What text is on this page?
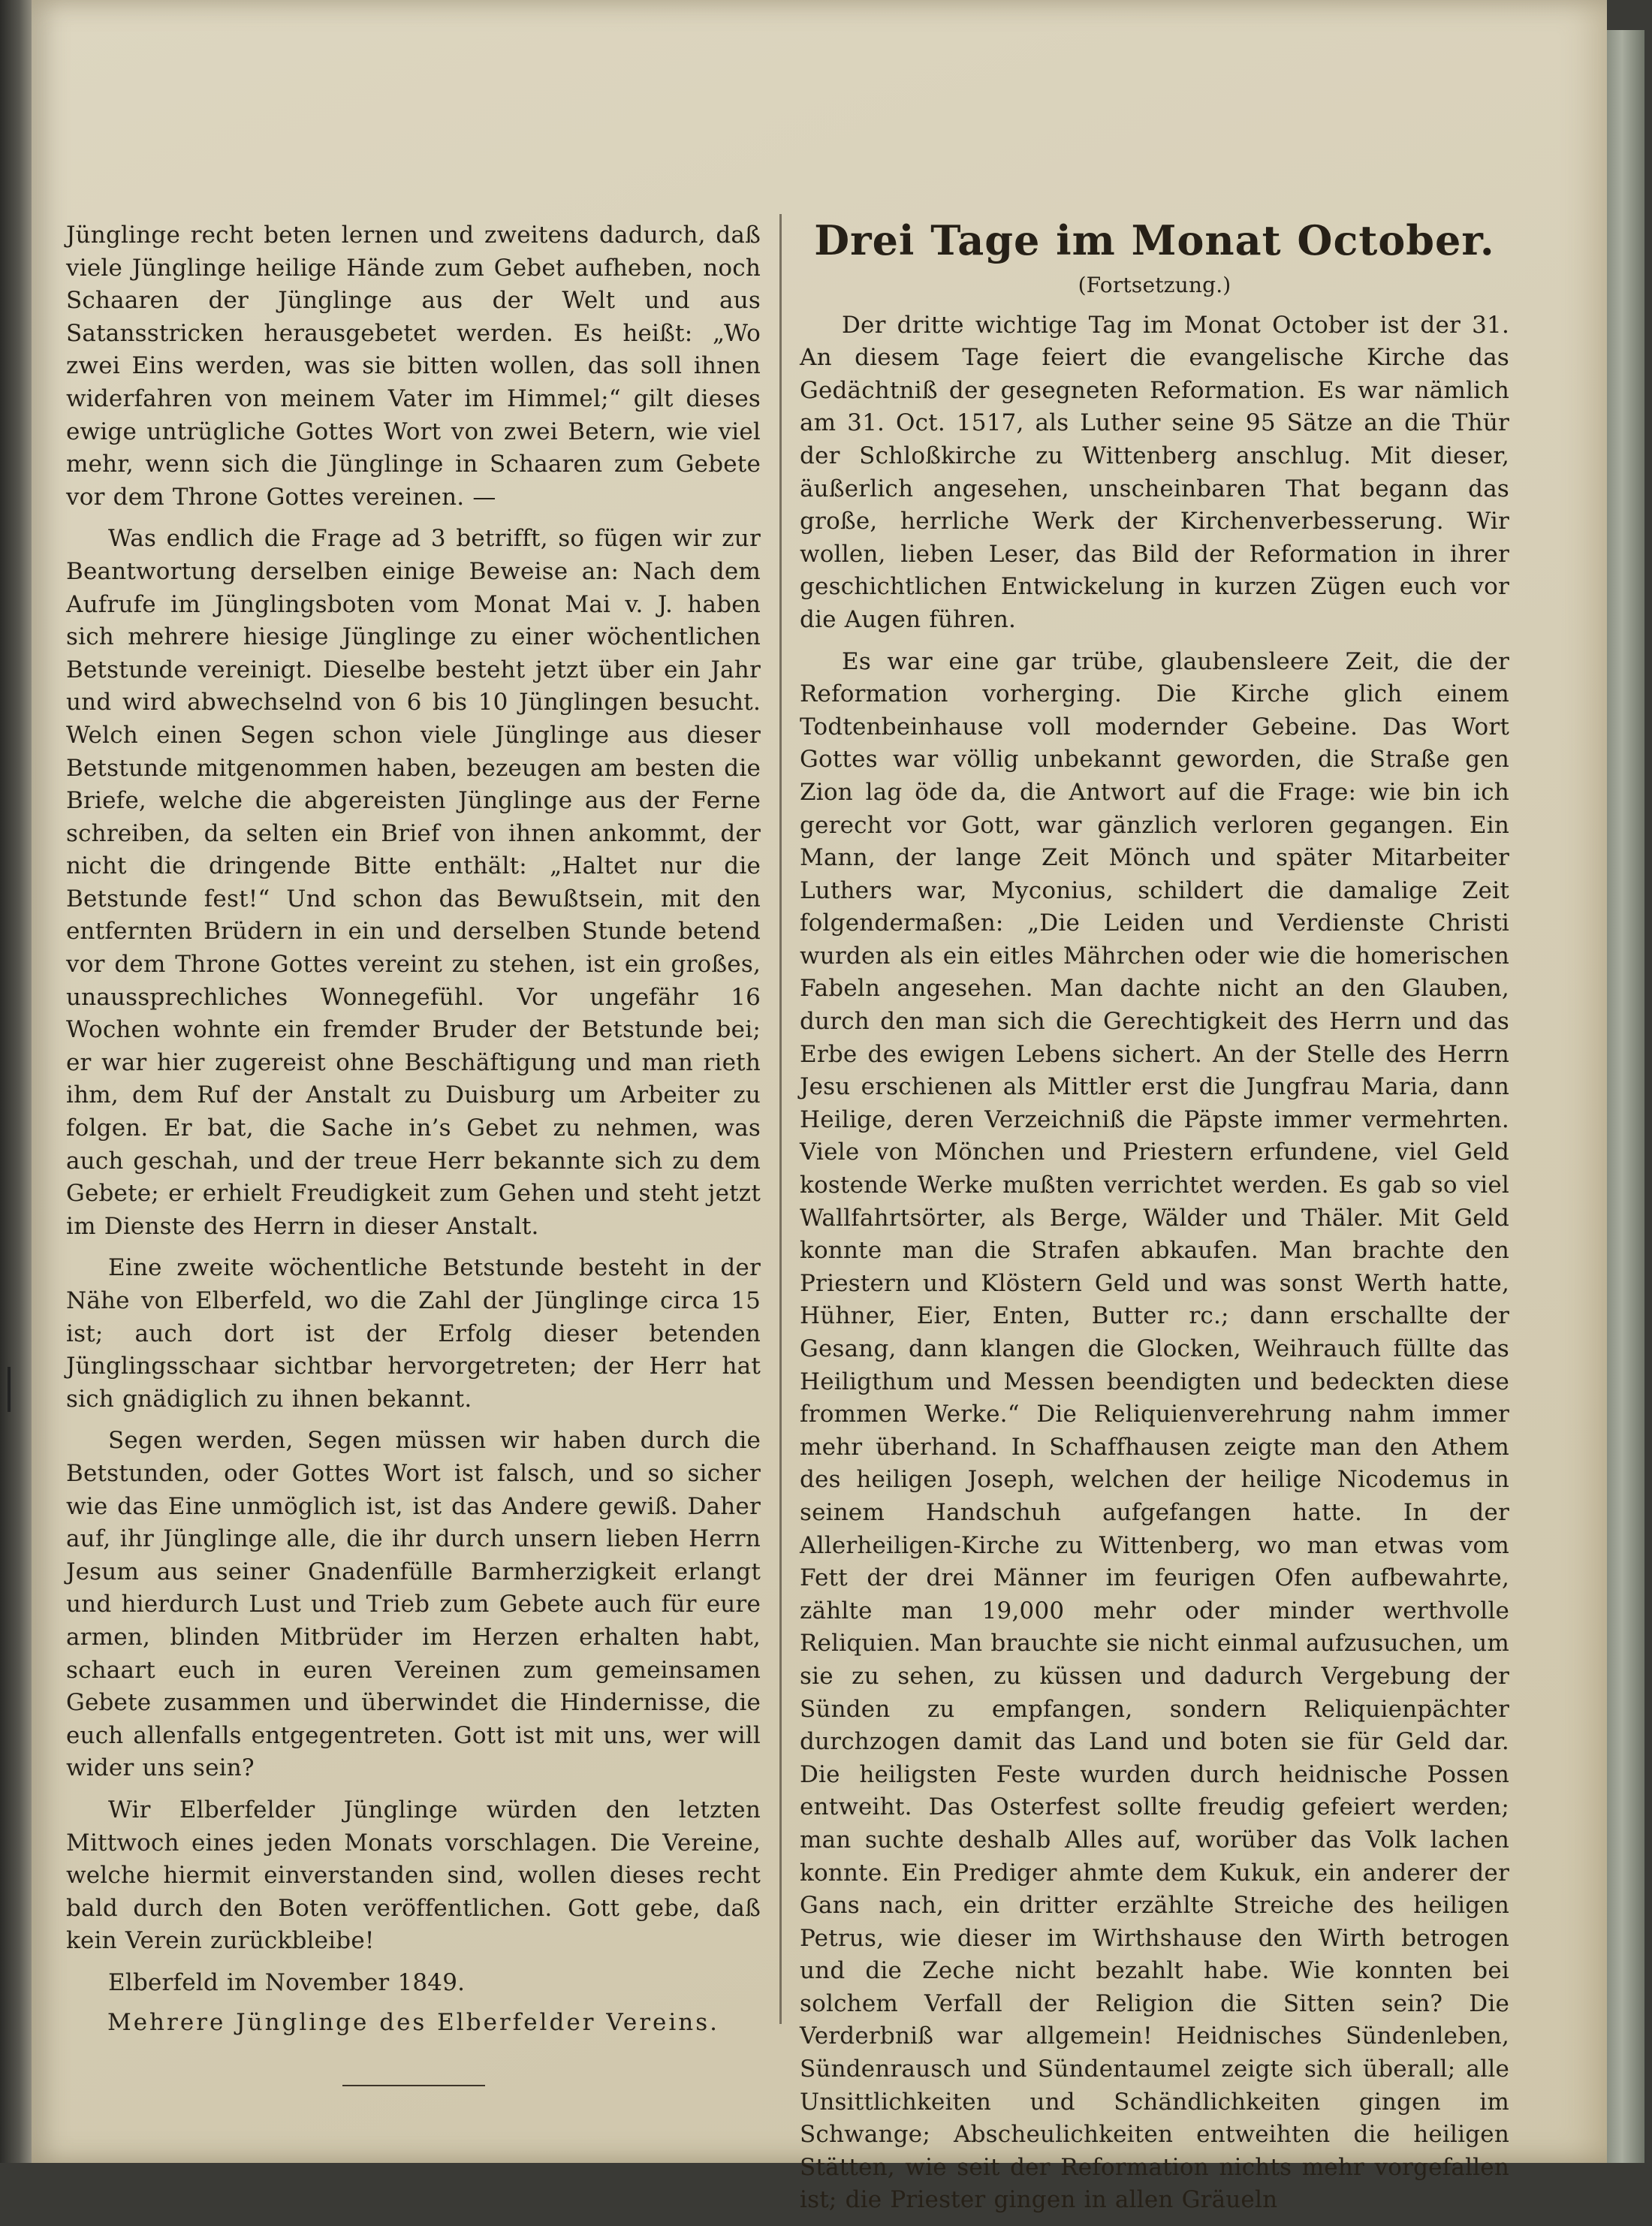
Jünglinge recht beten lernen und zweitens dadurch, daß viele Jünglinge heilige Hände zum Gebet aufheben, noch Schaaren der Jünglinge aus der Welt und aus Satansstricken herausgebetet werden. Es heißt: „Wo zwei Eins werden, was sie bitten wollen, das soll ihnen widerfahren von meinem Vater im Himmel;“ gilt dieses ewige untrügliche Gottes Wort von zwei Betern, wie viel mehr, wenn sich die Jünglinge in Schaaren zum Gebete vor dem Throne Gottes vereinen. —

Was endlich die Frage ad 3 betrifft, so fügen wir zur Beantwortung derselben einige Beweise an: Nach dem Aufrufe im Jünglingsboten vom Monat Mai v. J. haben sich mehrere hiesige Jünglinge zu einer wöchentlichen Betstunde vereinigt. Dieselbe besteht jetzt über ein Jahr und wird abwechselnd von 6 bis 10 Jünglingen besucht. Welch einen Segen schon viele Jünglinge aus dieser Betstunde mitgenommen haben, bezeugen am besten die Briefe, welche die abgereisten Jünglinge aus der Ferne schreiben, da selten ein Brief von ihnen ankommt, der nicht die dringende Bitte enthält: „Haltet nur die Betstunde fest!“ Und schon das Bewußtsein, mit den entfernten Brüdern in ein und derselben Stunde betend vor dem Throne Gottes vereint zu stehen, ist ein großes, unaussprechliches Wonnegefühl. Vor ungefähr 16 Wochen wohnte ein fremder Bruder der Betstunde bei; er war hier zugereist ohne Beschäftigung und man rieth ihm, dem Ruf der Anstalt zu Duisburg um Arbeiter zu folgen. Er bat, die Sache in’s Gebet zu nehmen, was auch geschah, und der treue Herr bekannte sich zu dem Gebete; er erhielt Freudigkeit zum Gehen und steht jetzt im Dienste des Herrn in dieser Anstalt.

Eine zweite wöchentliche Betstunde besteht in der Nähe von Elberfeld, wo die Zahl der Jünglinge circa 15 ist; auch dort ist der Erfolg dieser betenden Jünglingsschaar sichtbar hervorgetreten; der Herr hat sich gnädiglich zu ihnen bekannt.

Segen werden, Segen müssen wir haben durch die Betstunden, oder Gottes Wort ist falsch, und so sicher wie das Eine unmöglich ist, ist das Andere gewiß. Daher auf, ihr Jünglinge alle, die ihr durch unsern lieben Herrn Jesum aus seiner Gnadenfülle Barmherzigkeit erlangt und hierdurch Lust und Trieb zum Gebete auch für eure armen, blinden Mitbrüder im Herzen erhalten habt, schaart euch in euren Vereinen zum gemeinsamen Gebete zusammen und überwindet die Hindernisse, die euch allenfalls entgegentreten. Gott ist mit uns, wer will wider uns sein?

Wir Elberfelder Jünglinge würden den letzten Mittwoch eines jeden Monats vorschlagen. Die Vereine, welche hiermit einverstanden sind, wollen dieses recht bald durch den Boten veröffentlichen. Gott gebe, daß kein Verein zurückbleibe!

Elberfeld im November 1849.
Mehrere Jünglinge des Elberfelder Vereins.
Drei Tage im Monat October.
(Fortsetzung.)

Der dritte wichtige Tag im Monat October ist der 31. An diesem Tage feiert die evangelische Kirche das Gedächtniß der gesegneten Reformation. Es war nämlich am 31. Oct. 1517, als Luther seine 95 Sätze an die Thür der Schloßkirche zu Wittenberg anschlug. Mit dieser, äußerlich angesehen, unscheinbaren That begann das große, herrliche Werk der Kirchenverbesserung. Wir wollen, lieben Leser, das Bild der Reformation in ihrer geschichtlichen Entwickelung in kurzen Zügen euch vor die Augen führen.

Es war eine gar trübe, glaubensleere Zeit, die der Reformation vorherging. Die Kirche glich einem Todtenbeinhause voll modernder Gebeine. Das Wort Gottes war völlig unbekannt geworden, die Straße gen Zion lag öde da, die Antwort auf die Frage: wie bin ich gerecht vor Gott, war gänzlich verloren gegangen. Ein Mann, der lange Zeit Mönch und später Mitarbeiter Luthers war, Myconius, schildert die damalige Zeit folgendermaßen: „Die Leiden und Verdienste Christi wurden als ein eitles Mährchen oder wie die homerischen Fabeln angesehen. Man dachte nicht an den Glauben, durch den man sich die Gerechtigkeit des Herrn und das Erbe des ewigen Lebens sichert. An der Stelle des Herrn Jesu erschienen als Mittler erst die Jungfrau Maria, dann Heilige, deren Verzeichniß die Päpste immer vermehrten. Viele von Mönchen und Priestern erfundene, viel Geld kostende Werke mußten verrichtet werden. Es gab so viel Wallfahrtsörter, als Berge, Wälder und Thäler. Mit Geld konnte man die Strafen abkaufen. Man brachte den Priestern und Klöstern Geld und was sonst Werth hatte, Hühner, Eier, Enten, Butter rc.; dann erschallte der Gesang, dann klangen die Glocken, Weihrauch füllte das Heiligthum und Messen beendigten und bedeckten diese frommen Werke.“ Die Reliquienverehrung nahm immer mehr überhand. In Schaffhausen zeigte man den Athem des heiligen Joseph, welchen der heilige Nicodemus in seinem Handschuh aufgefangen hatte. In der Allerheiligen-Kirche zu Wittenberg, wo man etwas vom Fett der drei Männer im feurigen Ofen aufbewahrte, zählte man 19,000 mehr oder minder werthvolle Reliquien. Man brauchte sie nicht einmal aufzusuchen, um sie zu sehen, zu küssen und dadurch Vergebung der Sünden zu empfangen, sondern Reliquienpächter durchzogen damit das Land und boten sie für Geld dar. Die heiligsten Feste wurden durch heidnische Possen entweiht. Das Osterfest sollte freudig gefeiert werden; man suchte deshalb Alles auf, worüber das Volk lachen konnte. Ein Prediger ahmte dem Kukuk, ein anderer der Gans nach, ein dritter erzählte Streiche des heiligen Petrus, wie dieser im Wirthshause den Wirth betrogen und die Zeche nicht bezahlt habe. Wie konnten bei solchem Verfall der Religion die Sitten sein? Die Verderbniß war allgemein! Heidnisches Sündenleben, Sündenrausch und Sündentaumel zeigte sich überall; alle Unsittlichkeiten und Schändlichkeiten gingen im Schwange; Abscheulichkeiten entweihten die heiligen Stätten, wie seit der Reformation nichts mehr vorgefallen ist; die Priester gingen in allen Gräueln
